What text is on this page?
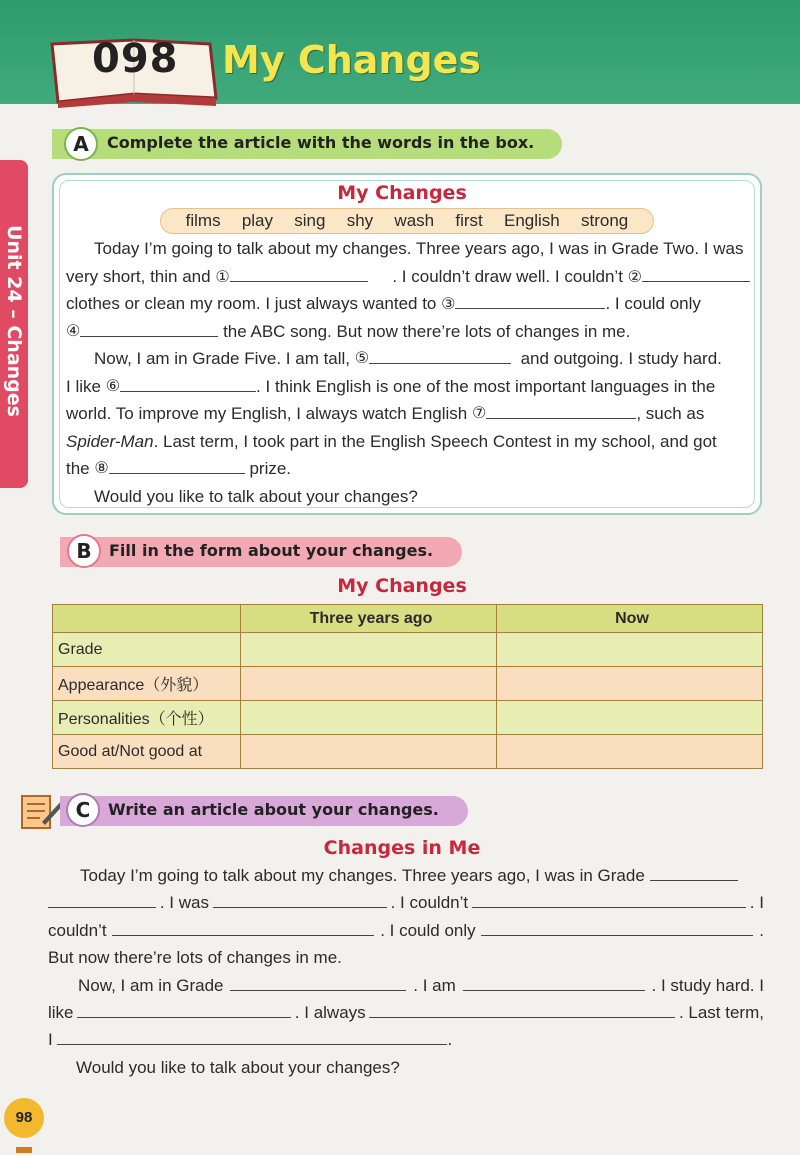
098 My Changes
Unit 24 – Changes
A	Complete the article with the words in the box.
My Changes
films play sing shy wash first English strong
Today I’m going to talk about my changes. Three years ago, I was in Grade Two. I was
very short, thin and ①	. I couldn’t draw well. I couldn’t ②
clothes or clean my room. I just always wanted to ③	. I could only
④
	the ABC song. But now there’re lots of changes in me.
Now, I am in Grade Five. I am tall,
⑤
	and outgoing. I study hard.
I like
⑥	. I think English is one of the most important languages in the
world. To improve my English, I always watch English
⑦	, such as
Spider-Man . Last term, I took part in the English Speech Contest in my school, and got
the
⑧
	prize.
Would you like to talk about your changes?
B	Fill in the form about your changes.
My Changes
	Three years ago	Now
Grade		
Appearance（外貌）		
Personalities（个性）		
Good at/Not good at		
C	Write an article about your changes.
Changes in Me
Today I’m going to talk about my changes. Three years ago, I was in Grade

. I was	. I couldn’t	. I
couldn’t	. I could only	.
But now there’re lots of changes in me.
Now, I am in Grade	. I am	. I study hard. I
like	. I always	. Last term,
I
	.
Would you like to talk about your changes?
98
